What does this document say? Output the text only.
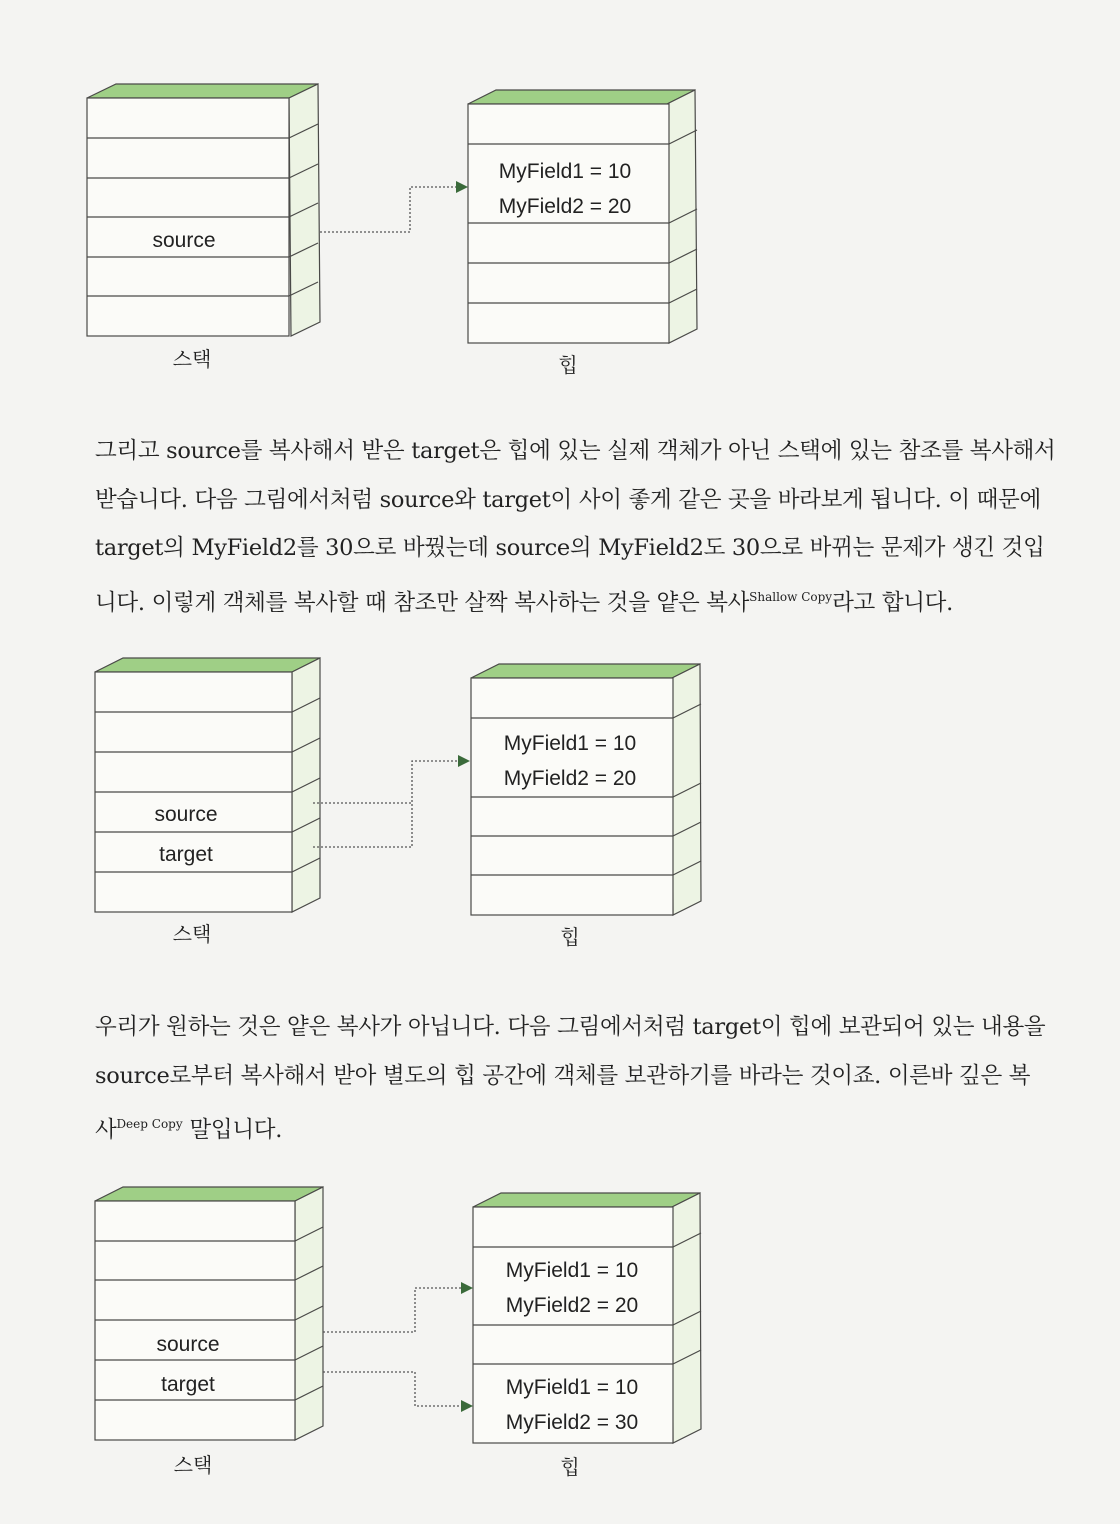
source
MyField1 = 10
MyField2 = 20
스택	힙
그리고 source를 복사해서 받은 target은 힙에 있는 실제 객체가 아닌 스택에 있는 참조를 복사해서
받습니다. 다음 그림에서처럼 source와 target이 사이 좋게 같은 곳을 바라보게 됩니다. 이 때문에
target의 MyField2를 30으로 바꿨는데 source의 MyField2도 30으로 바뀌는 문제가 생긴 것입
니다. 이렇게 객체를 복사할 때 참조만 살짝 복사하는 것을 얕은 복사$^{Shallow Copy}$라고 합니다.
source
target
MyField1 = 10
MyField2 = 20
스택	힙
우리가 원하는 것은 얕은 복사가 아닙니다. 다음 그림에서처럼 target이 힙에 보관되어 있는 내용을
source로부터 복사해서 받아 별도의 힙 공간에 객체를 보관하기를 바라는 것이죠. 이른바 깊은 복
사$^{Deep Copy}$ 말입니다.
source
target
MyField1 = 10
MyField2 = 20
MyField1 = 10
MyField2 = 30
스택	힙
